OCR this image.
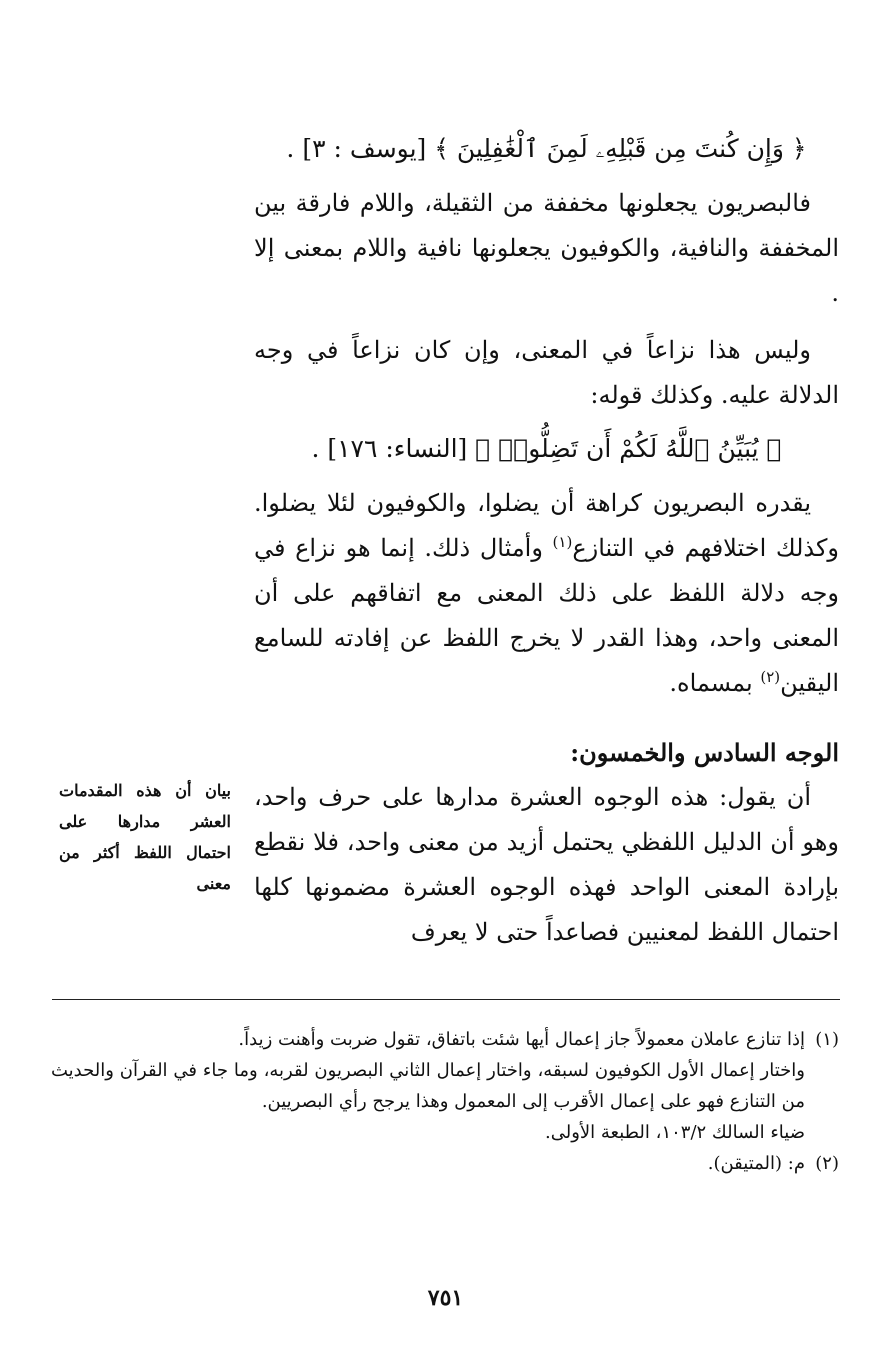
﴿ وَإِن كُنتَ مِن قَبْلِهِۦ لَمِنَ ٱلْغَٰفِلِينَ ﴾ [يوسف : ٣] .

فالبصريون يجعلونها مخففة من الثقيلة، واللام فارقة بين المخففة والنافية، والكوفيون يجعلونها نافية واللام بمعنى إلا .

وليس هذا نزاعاً في المعنى، وإن كان نزاعاً في وجه الدلالة عليه. وكذلك قوله:

﴿ يُبَيِّنُ ٱللَّهُ لَكُمْ أَن تَضِلُّوا۟ ﴾ [النساء: ١٧٦] .

يقدره البصريون كراهة أن يضلوا، والكوفيون لئلا يضلوا. وكذلك اختلافهم في التنازع$^{(١)}$ وأمثال ذلك. إنما هو نزاع في وجه دلالة اللفظ على ذلك المعنى مع اتفاقهم على أن المعنى واحد، وهذا القدر لا يخرج اللفظ عن إفادته للسامع اليقين$^{(٢)}$ بمسماه.

الوجه السادس والخمسون:

أن يقول: هذه الوجوه العشرة مدارها على حرف واحد، وهو أن الدليل اللفظي يحتمل أزيد من معنى واحد، فلا نقطع بإرادة المعنى الواحد فهذه الوجوه العشرة مضمونها كلها احتمال اللفظ لمعنيين فصاعداً حتى لا يعرف

بيان أن هذه المقدمات العشر مدارها على احتمال اللفظ أكثر من معنى

(١)إذا تنازع عاملان معمولاً جاز إعمال أيها شئت باتفاق، تقول ضربت وأهنت زيداً.

واختار إعمال الأول الكوفيون لسبقه، واختار إعمال الثاني البصريون لقربه، وما جاء في القرآن والحديث من التنازع فهو على إعمال الأقرب إلى المعمول وهذا يرجح رأي البصريين.

ضياء السالك ١٠٣/٢، الطبعة الأولى.

(٢)م: (المتيقن).

٧٥١
